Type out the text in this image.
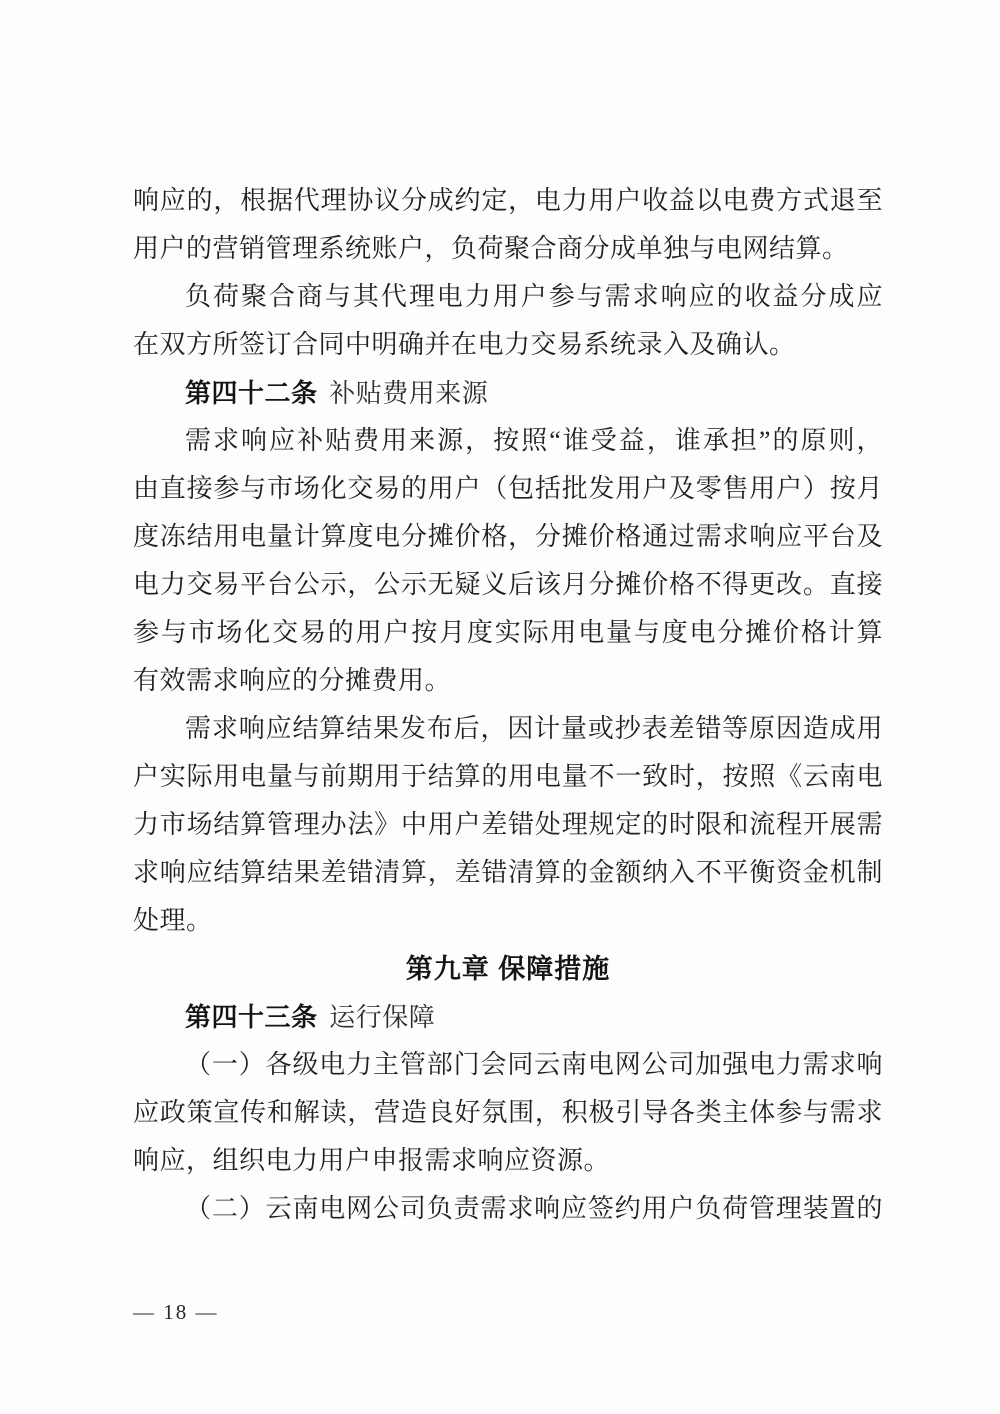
响应的，根据代理协议分成约定，电力用户收益以电费方式退至
用户的营销管理系统账户，负荷聚合商分成单独与电网结算。
负荷聚合商与其代理电力用户参与需求响应的收益分成应
在双方所签订合同中明确并在电力交易系统录入及确认。
第四十二条 补贴费用来源
需求响应补贴费用来源，按照“谁受益，谁承担”的原则，
由直接参与市场化交易的用户（包括批发用户及零售用户）按月
度冻结用电量计算度电分摊价格，分摊价格通过需求响应平台及
电力交易平台公示，公示无疑义后该月分摊价格不得更改。直接
参与市场化交易的用户按月度实际用电量与度电分摊价格计算
有效需求响应的分摊费用。
需求响应结算结果发布后，因计量或抄表差错等原因造成用
户实际用电量与前期用于结算的用电量不一致时，按照《云南电
力市场结算管理办法》中用户差错处理规定的时限和流程开展需
求响应结算结果差错清算，差错清算的金额纳入不平衡资金机制
处理。
第九章 保障措施
第四十三条 运行保障
（一）各级电力主管部门会同云南电网公司加强电力需求响
应政策宣传和解读，营造良好氛围，积极引导各类主体参与需求
响应，组织电力用户申报需求响应资源。
（二）云南电网公司负责需求响应签约用户负荷管理装置的
— 18 —
